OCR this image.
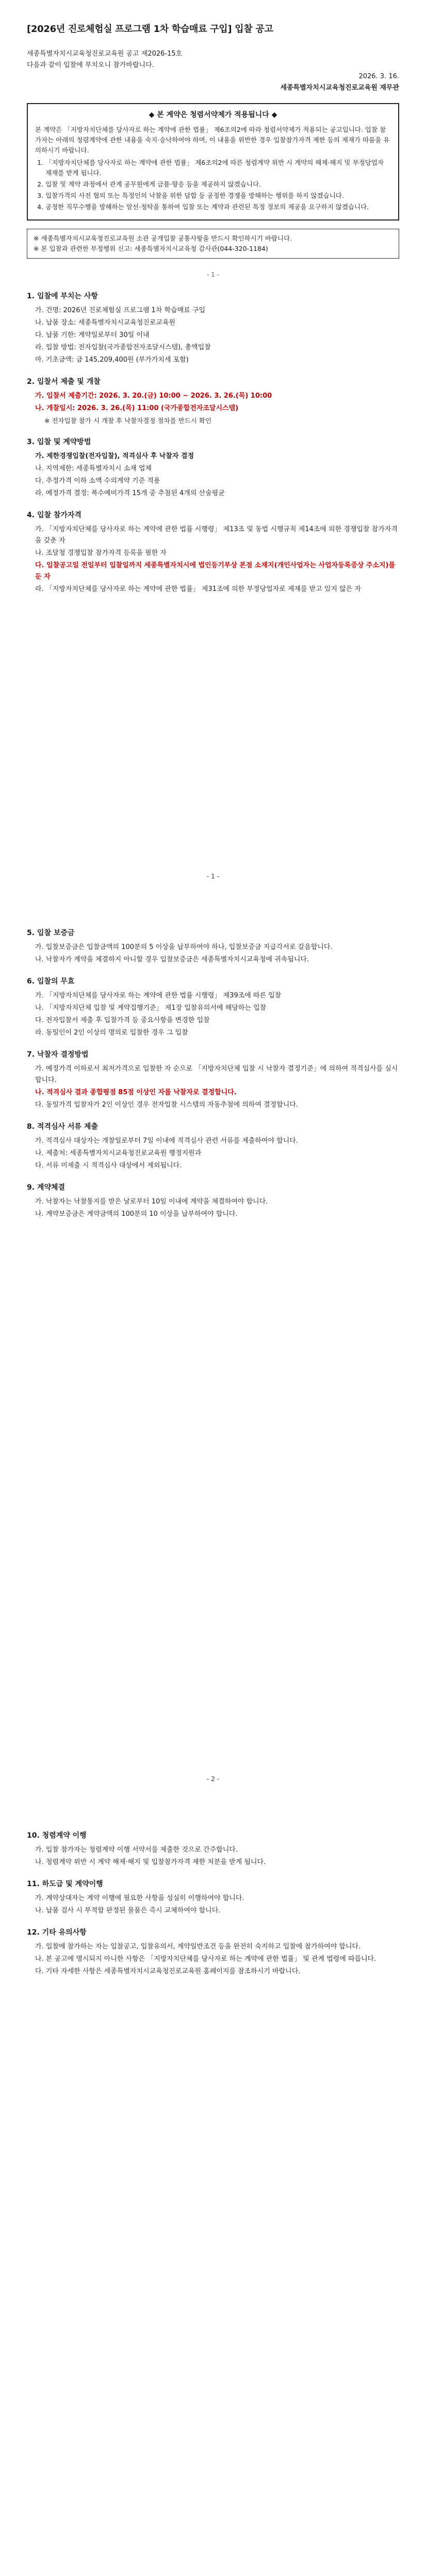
[2026년 진로체험실 프로그램 1차 학습매료 구입] 입찰 공고
세종특별자치시교육청진로교육원 공고 제2026-15호
다음과 같이 입찰에 부치오니 참가바랍니다.
2026. 3. 16.
세종특별자치시교육청진로교육원 재무관
◆ 본 계약은 청렴서약제가 적용됩니다 ◆

본 계약은 「지방자치단체를 당사자로 하는 계약에 관한 법률」 제6조의2에 따라 청렴서약제가 적용되는 공고입니다. 입찰 참가자는 아래의 청렴계약에 관한 내용을 숙지·승낙하여야 하며, 이 내용을 위반한 경우 입찰참가자격 제한 등의 제재가 따름을 유의하시기 바랍니다.

1. 「지방자치단체를 당사자로 하는 계약에 관한 법률」 제6조의2에 따른 청렴계약 위반 시 계약의 해제·해지 및 부정당업자 제재를 받게 됩니다.
2. 입찰 및 계약 과정에서 관계 공무원에게 금품·향응 등을 제공하지 않겠습니다.
3. 입찰가격의 사전 협의 또는 특정인의 낙찰을 위한 담합 등 공정한 경쟁을 방해하는 행위를 하지 않겠습니다.
4. 공정한 직무수행을 방해하는 알선·청탁을 통하여 입찰 또는 계약과 관련된 특정 정보의 제공을 요구하지 않겠습니다.
※ 세종특별자치시교육청진로교육원 소관 공개입찰 공통사항을 반드시 확인하시기 바랍니다.
※ 본 입찰과 관련한 부정행위 신고: 세종특별자치시교육청 감사관(044-320-1184)
- 1 -
1. 입찰에 부치는 사항
가. 건명: 2026년 진로체험실 프로그램 1차 학습매료 구입
나. 납품 장소: 세종특별자치시교육청진로교육원
다. 납품 기한: 계약일로부터 30일 이내
라. 입찰 방법: 전자입찰(국가종합전자조달시스템), 총액입찰
마. 기초금액: 금 145,209,400원 (부가가치세 포함)
2. 입찰서 제출 및 개찰
가. 입찰서 제출기간: 2026. 3. 20.(금) 10:00 ~ 2026. 3. 26.(목) 10:00
나. 개찰일시: 2026. 3. 26.(목) 11:00 (국가종합전자조달시스템)
※ 전자입찰 참가 시 개찰 후 낙찰자결정 절차를 반드시 확인
3. 입찰 및 계약방법
가. 제한경쟁입찰(전자입찰), 적격심사 후 낙찰자 결정
나. 지역제한: 세종특별자치시 소재 업체
다. 추정가격 이하 소액 수의계약 기준 적용
라. 예정가격 결정: 복수예비가격 15개 중 추첨된 4개의 산술평균
4. 입찰 참가자격
가. 「지방자치단체를 당사자로 하는 계약에 관한 법률 시행령」 제13조 및 동법 시행규칙 제14조에 의한 경쟁입찰 참가자격을 갖춘 자
나. 조달청 경쟁입찰 참가자격 등록을 필한 자
다. 입찰공고일 전일부터 입찰일까지 세종특별자치시에 법인등기부상 본점 소재지(개인사업자는 사업자등록증상 주소지)를 둔 자
라. 「지방자치단체를 당사자로 하는 계약에 관한 법률」 제31조에 의한 부정당업자로 제재를 받고 있지 않은 자
- 1 -
5. 입찰 보증금
가. 입찰보증금은 입찰금액의 100분의 5 이상을 납부하여야 하나, 입찰보증금 지급각서로 갈음합니다.
나. 낙찰자가 계약을 체결하지 아니할 경우 입찰보증금은 세종특별자치시교육청에 귀속됩니다.
6. 입찰의 무효
가. 「지방자치단체를 당사자로 하는 계약에 관한 법률 시행령」 제39조에 따른 입찰
나. 「지방자치단체 입찰 및 계약집행기준」 제1장 입찰유의서에 해당하는 입찰
다. 전자입찰서 제출 후 입찰가격 등 중요사항을 변경한 입찰
라. 동일인이 2인 이상의 명의로 입찰한 경우 그 입찰
7. 낙찰자 결정방법
가. 예정가격 이하로서 최저가격으로 입찰한 자 순으로 「지방자치단체 입찰 시 낙찰자 결정기준」에 의하여 적격심사를 실시합니다.
나. 적격심사 결과 종합평점 85점 이상인 자를 낙찰자로 결정합니다.
다. 동일가격 입찰자가 2인 이상인 경우 전자입찰 시스템의 자동추첨에 의하여 결정합니다.
8. 적격심사 서류 제출
가. 적격심사 대상자는 개찰일로부터 7일 이내에 적격심사 관련 서류를 제출하여야 합니다.
나. 제출처: 세종특별자치시교육청진로교육원 행정지원과
다. 서류 미제출 시 적격심사 대상에서 제외됩니다.
9. 계약체결
가. 낙찰자는 낙찰통지를 받은 날로부터 10일 이내에 계약을 체결하여야 합니다.
나. 계약보증금은 계약금액의 100분의 10 이상을 납부하여야 합니다.
- 2 -
10. 청렴계약 이행
가. 입찰 참가자는 청렴계약 이행 서약서를 제출한 것으로 간주합니다.
나. 청렴계약 위반 시 계약 해제·해지 및 입찰참가자격 제한 처분을 받게 됩니다.
11. 하도급 및 계약이행
가. 계약상대자는 계약 이행에 필요한 사항을 성실히 이행하여야 합니다.
나. 납품 검사 시 부적합 판정된 물품은 즉시 교체하여야 합니다.
12. 기타 유의사항
가. 입찰에 참가하는 자는 입찰공고, 입찰유의서, 계약일반조건 등을 완전히 숙지하고 입찰에 참가하여야 합니다.
나. 본 공고에 명시되지 아니한 사항은 「지방자치단체를 당사자로 하는 계약에 관한 법률」 및 관계 법령에 따릅니다.
다. 기타 자세한 사항은 세종특별자치시교육청진로교육원 홈페이지를 참조하시기 바랍니다.
